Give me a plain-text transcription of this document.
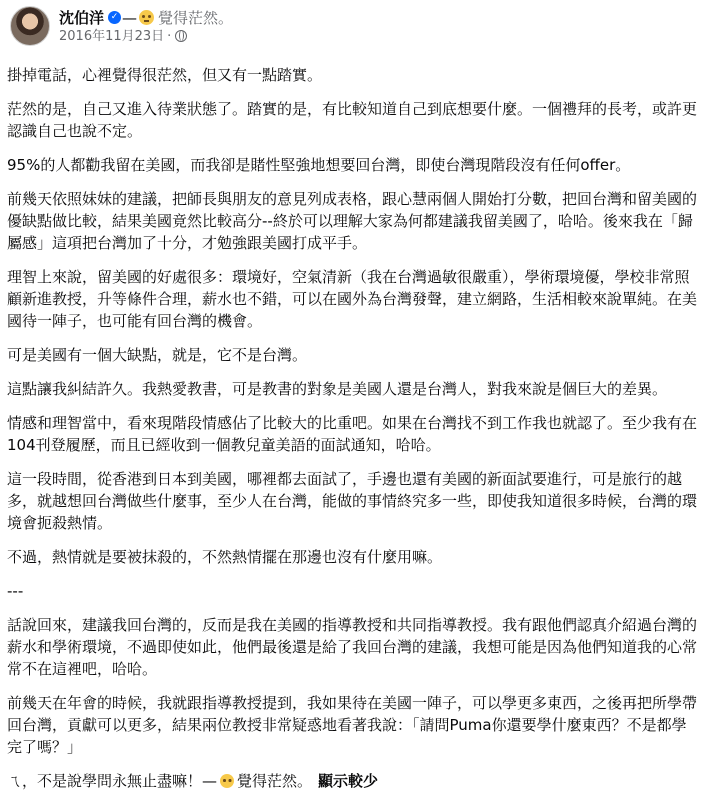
沈伯洋 ✓ — 覺得茫然。
2016年11月23日 ·

掛掉電話，心裡覺得很茫然，但又有一點踏實。

茫然的是，自己又進入待業狀態了。踏實的是，有比較知道自己到底想要什麼。一個禮拜的長考，或許更認識自己也說不定。

95%的人都勸我留在美國，而我卻是賭性堅強地想要回台灣，即使台灣現階段沒有任何offer。

前幾天依照妹妹的建議，把師長與朋友的意見列成表格，跟心慧兩個人開始打分數，把回台灣和留美國的優缺點做比較，結果美國竟然比較高分--終於可以理解大家為何都建議我留美國了，哈哈。後來我在「歸屬感」這項把台灣加了十分，才勉強跟美國打成平手。

理智上來說，留美國的好處很多：環境好，空氣清新（我在台灣過敏很嚴重），學術環境優，學校非常照顧新進教授，升等條件合理，薪水也不錯，可以在國外為台灣發聲，建立網路，生活相較來說單純。在美國待一陣子，也可能有回台灣的機會。

可是美國有一個大缺點，就是，它不是台灣。

這點讓我糾結許久。我熱愛教書，可是教書的對象是美國人還是台灣人，對我來說是個巨大的差異。

情感和理智當中，看來現階段情感佔了比較大的比重吧。如果在台灣找不到工作我也就認了。至少我有在104刊登履歷，而且已經收到一個教兒童美語的面試通知，哈哈。

這一段時間，從香港到日本到美國，哪裡都去面試了，手邊也還有美國的新面試要進行，可是旅行的越多，就越想回台灣做些什麼事，至少人在台灣，能做的事情終究多一些，即使我知道很多時候，台灣的環境會扼殺熱情。

不過，熱情就是要被抹殺的，不然熱情擺在那邊也沒有什麼用嘛。

---

話說回來，建議我回台灣的，反而是我在美國的指導教授和共同指導教授。我有跟他們認真介紹過台灣的薪水和學術環境，不過即使如此，他們最後還是給了我回台灣的建議，我想可能是因為他們知道我的心常常不在這裡吧，哈哈。

前幾天在年會的時候，我就跟指導教授提到，我如果待在美國一陣子，可以學更多東西，之後再把所學帶回台灣，貢獻可以更多，結果兩位教授非常疑惑地看著我說：「請問Puma你還要學什麼東西？不是都學完了嗎？」

ㄟ，不是說學問永無止盡嘛！— 覺得茫然。 顯示較少
